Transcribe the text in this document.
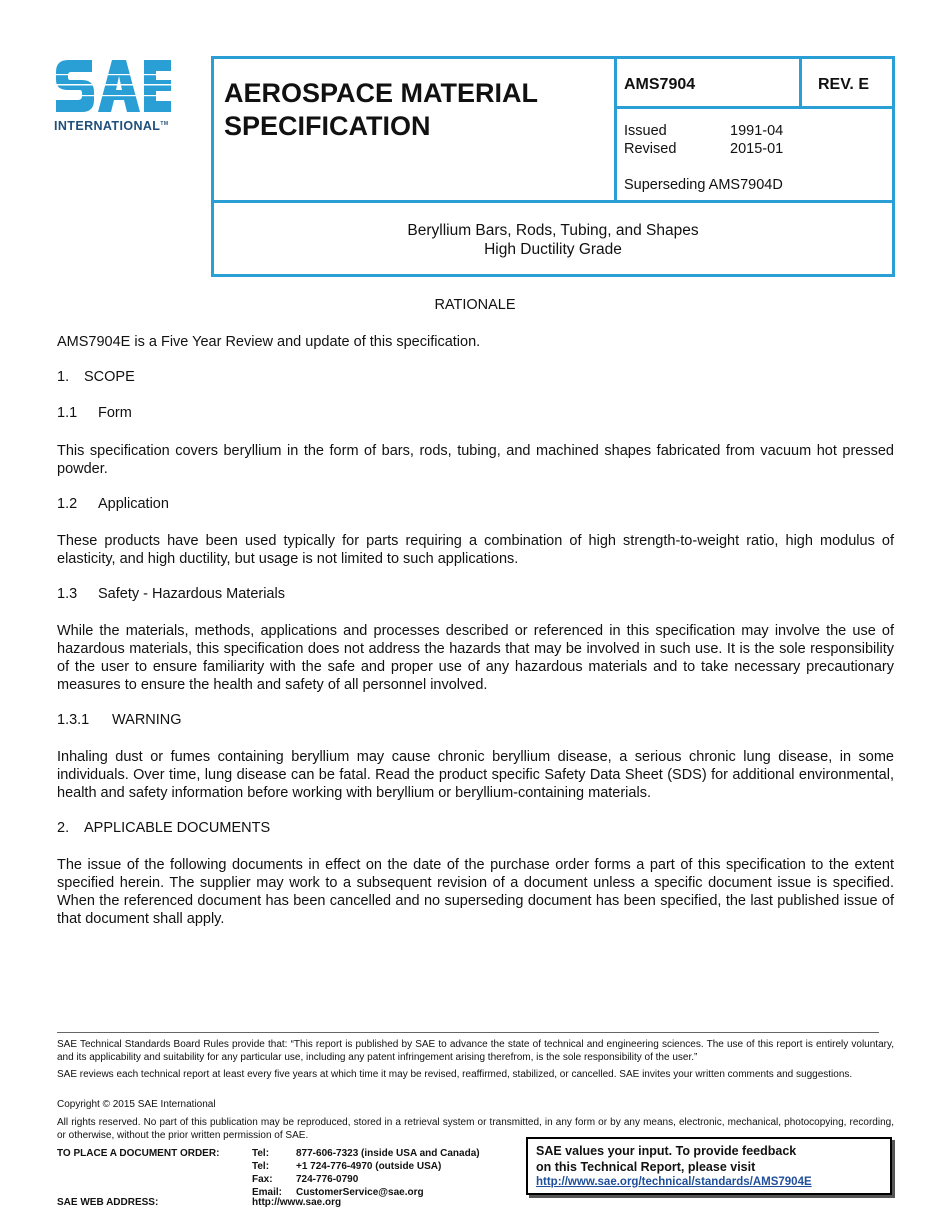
INTERNATIONAL™
AEROSPACE MATERIAL
SPECIFICATION
AMS7904	REV. E
Issued	1991-04
Revised	2015-01
Superseding AMS7904D
Beryllium Bars, Rods, Tubing, and Shapes
High Ductility Grade
RATIONALE
AMS7904E is a Five Year Review and update of this specification.
1. SCOPE
1.1 Form
This specification covers beryllium in the form of bars, rods, tubing, and machined shapes fabricated from vacuum hot pressed powder.
1.2 Application
These products have been used typically for parts requiring a combination of high strength-to-weight ratio, high modulus of elasticity, and high ductility, but usage is not limited to such applications.
1.3 Safety - Hazardous Materials
While the materials, methods, applications and processes described or referenced in this specification may involve the use of hazardous materials, this specification does not address the hazards that may be involved in such use. It is the sole responsibility of the user to ensure familiarity with the safe and proper use of any hazardous materials and to take necessary precautionary measures to ensure the health and safety of all personnel involved.
1.3.1 WARNING
Inhaling dust or fumes containing beryllium may cause chronic beryllium disease, a serious chronic lung disease, in some individuals. Over time, lung disease can be fatal. Read the product specific Safety Data Sheet (SDS) for additional environmental, health and safety information before working with beryllium or beryllium-containing materials.
2. APPLICABLE DOCUMENTS
The issue of the following documents in effect on the date of the purchase order forms a part of this specification to the extent specified herein. The supplier may work to a subsequent revision of a document unless a specific document issue is specified. When the referenced document has been cancelled and no superseding document has been specified, the last published issue of that document shall apply.
SAE Technical Standards Board Rules provide that: “This report is published by SAE to advance the state of technical and engineering sciences. The use of this report is entirely voluntary, and its applicability and suitability for any particular use, including any patent infringement arising therefrom, is the sole responsibility of the user.”
SAE reviews each technical report at least every five years at which time it may be revised, reaffirmed, stabilized, or cancelled. SAE invites your written comments and suggestions.
Copyright © 2015 SAE International
All rights reserved. No part of this publication may be reproduced, stored in a retrieval system or transmitted, in any form or by any means, electronic, mechanical, photocopying, recording, or otherwise, without the prior written permission of SAE.
TO PLACE A DOCUMENT ORDER:	Tel:	877-606-7323 (inside USA and Canada)
Tel:	+1 724-776-4970 (outside USA)
Fax:	724-776-0790
Email:	CustomerService@sae.org
SAE values your input. To provide feedback
on this Technical Report, please visit
http://www.sae.org/technical/standards/AMS7904E
SAE WEB ADDRESS:	http://www.sae.org
